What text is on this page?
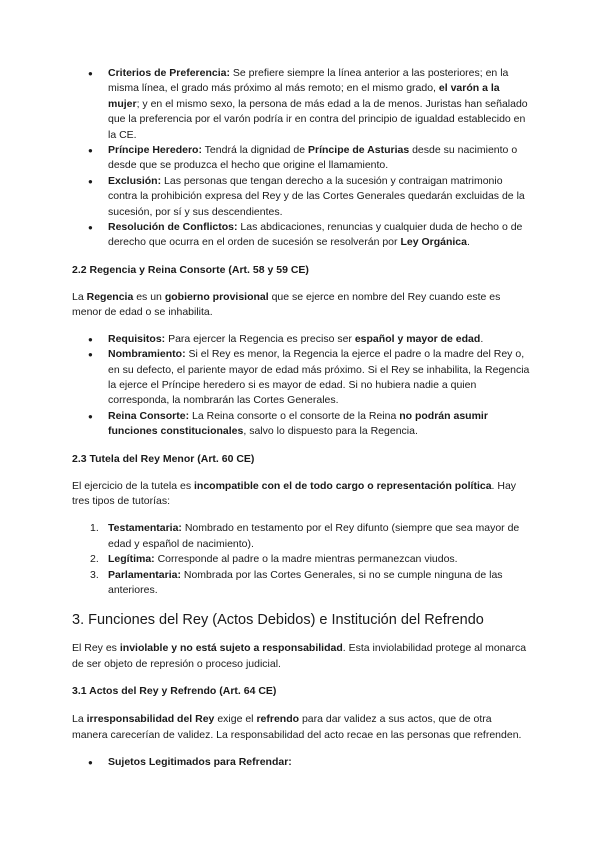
● Criterios de Preferencia: Se prefiere siempre la línea anterior a las posteriores; en la misma línea, el grado más próximo al más remoto; en el mismo grado, el varón a la mujer; y en el mismo sexo, la persona de más edad a la de menos. Juristas han señalado que la preferencia por el varón podría ir en contra del principio de igualdad establecido en la CE.
● Príncipe Heredero: Tendrá la dignidad de Príncipe de Asturias desde su nacimiento o desde que se produzca el hecho que origine el llamamiento.
● Exclusión: Las personas que tengan derecho a la sucesión y contraigan matrimonio contra la prohibición expresa del Rey y de las Cortes Generales quedarán excluidas de la sucesión, por sí y sus descendientes.
● Resolución de Conflictos: Las abdicaciones, renuncias y cualquier duda de hecho o de derecho que ocurra en el orden de sucesión se resolverán por Ley Orgánica.
2.2 Regencia y Reina Consorte (Art. 58 y 59 CE)

La Regencia es un gobierno provisional que se ejerce en nombre del Rey cuando este es menor de edad o se inhabilita.

● Requisitos: Para ejercer la Regencia es preciso ser español y mayor de edad.
● Nombramiento: Si el Rey es menor, la Regencia la ejerce el padre o la madre del Rey o, en su defecto, el pariente mayor de edad más próximo. Si el Rey se inhabilita, la Regencia la ejerce el Príncipe heredero si es mayor de edad. Si no hubiera nadie a quien corresponda, la nombrarán las Cortes Generales.
● Reina Consorte: La Reina consorte o el consorte de la Reina no podrán asumir funciones constitucionales, salvo lo dispuesto para la Regencia.
2.3 Tutela del Rey Menor (Art. 60 CE)

El ejercicio de la tutela es incompatible con el de todo cargo o representación política. Hay tres tipos de tutorías:

1. Testamentaria: Nombrado en testamento por el Rey difunto (siempre que sea mayor de edad y español de nacimiento).
2. Legítima: Corresponde al padre o la madre mientras permanezcan viudos.
3. Parlamentaria: Nombrada por las Cortes Generales, si no se cumple ninguna de las anteriores.
3. Funciones del Rey (Actos Debidos) e Institución del Refrendo

El Rey es inviolable y no está sujeto a responsabilidad. Esta inviolabilidad protege al monarca de ser objeto de represión o proceso judicial.

3.1 Actos del Rey y Refrendo (Art. 64 CE)

La irresponsabilidad del Rey exige el refrendo para dar validez a sus actos, que de otra manera carecerían de validez. La responsabilidad del acto recae en las personas que refrenden.

● Sujetos Legitimados para Refrendar:
